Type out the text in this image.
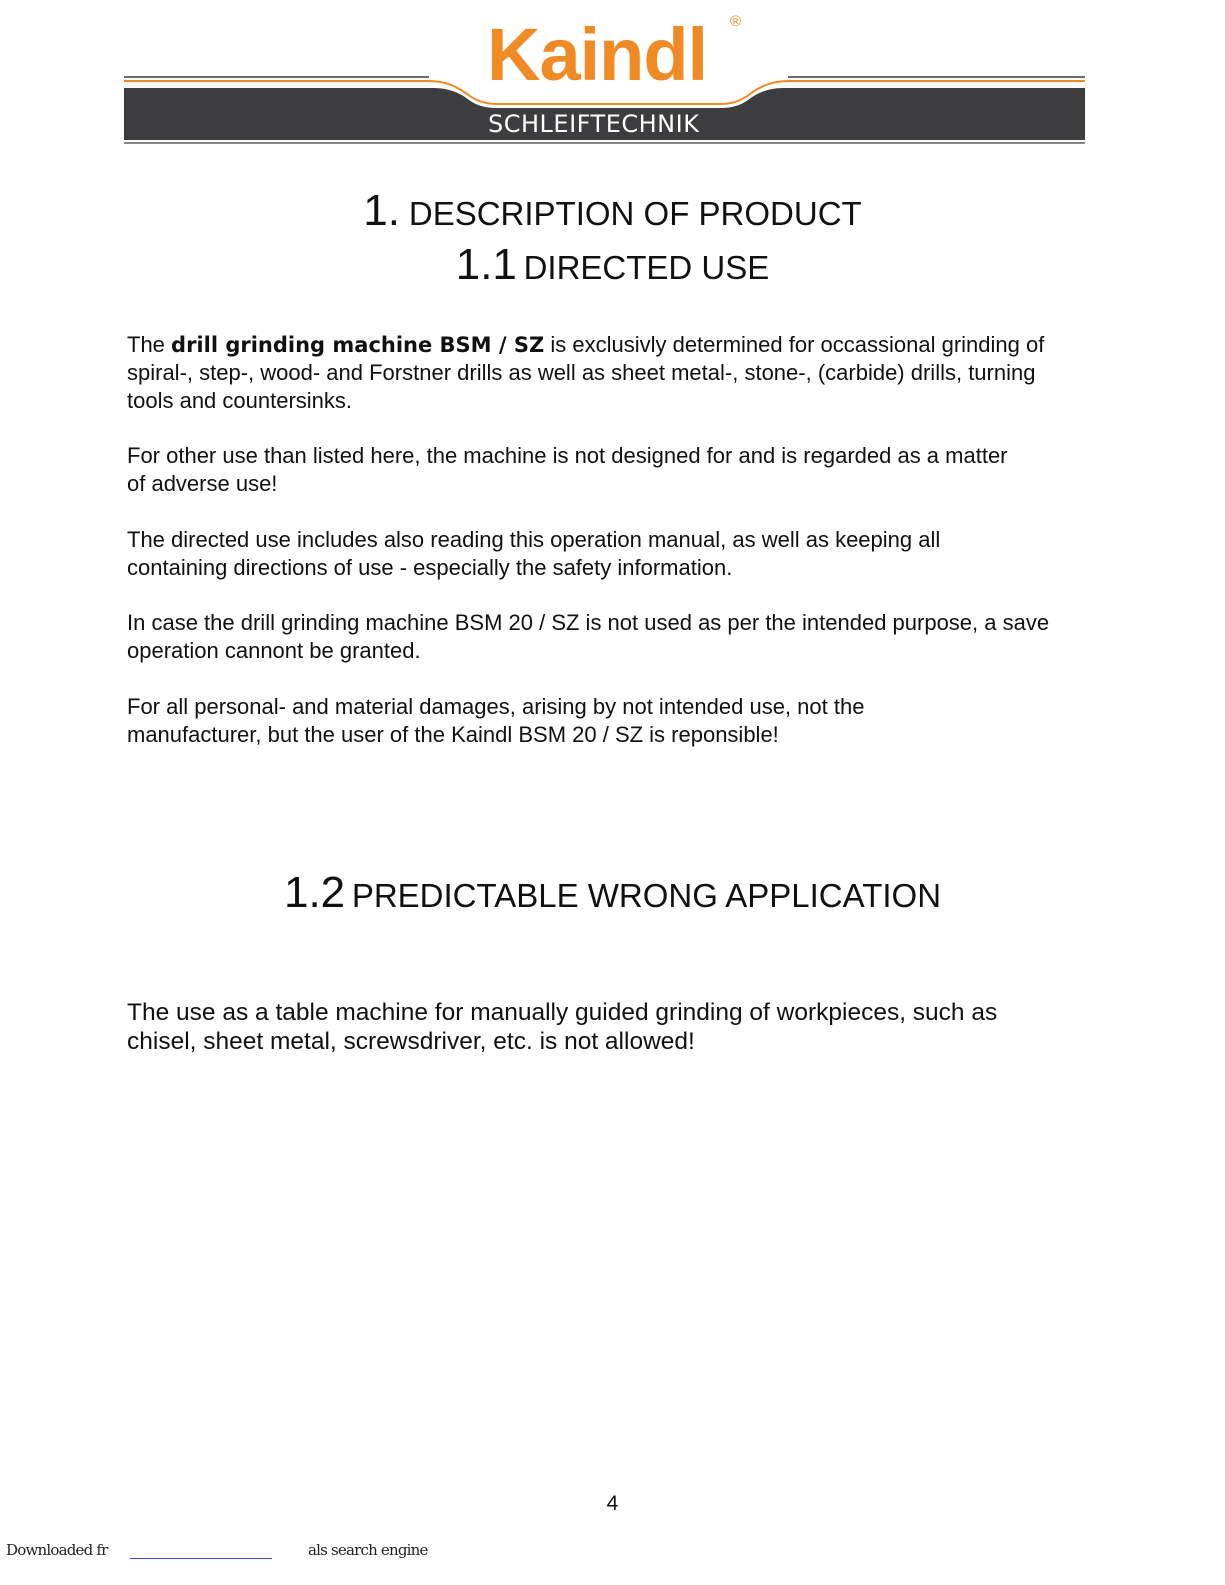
Kaindl ®
SCHLEIFTECHNIK
1. DESCRIPTION OF PRODUCT
1.1 DIRECTED USE

The drill grinding machine BSM / SZ is exclusivly determined for occassional grinding of spiral-, step-, wood- and Forstner drills as well as sheet metal-, stone-, (carbide) drills, turning tools and countersinks.

For other use than listed here, the machine is not designed for and is regarded as a matter of adverse use!

The directed use includes also reading this operation manual, as well as keeping all containing directions of use - especially the safety information.

In case the drill grinding machine BSM 20 / SZ is not used as per the intended purpose, a save operation cannont be granted.

For all personal- and material damages, arising by not intended use, not the manufacturer, but the user of the Kaindl BSM 20 / SZ is reponsible!

1.2 PREDICTABLE WRONG APPLICATION

The use as a table machine for manually guided grinding of workpieces, such as chisel, sheet metal, screwsdriver, etc. is not allowed!

4
Downloaded fr	als search engine
